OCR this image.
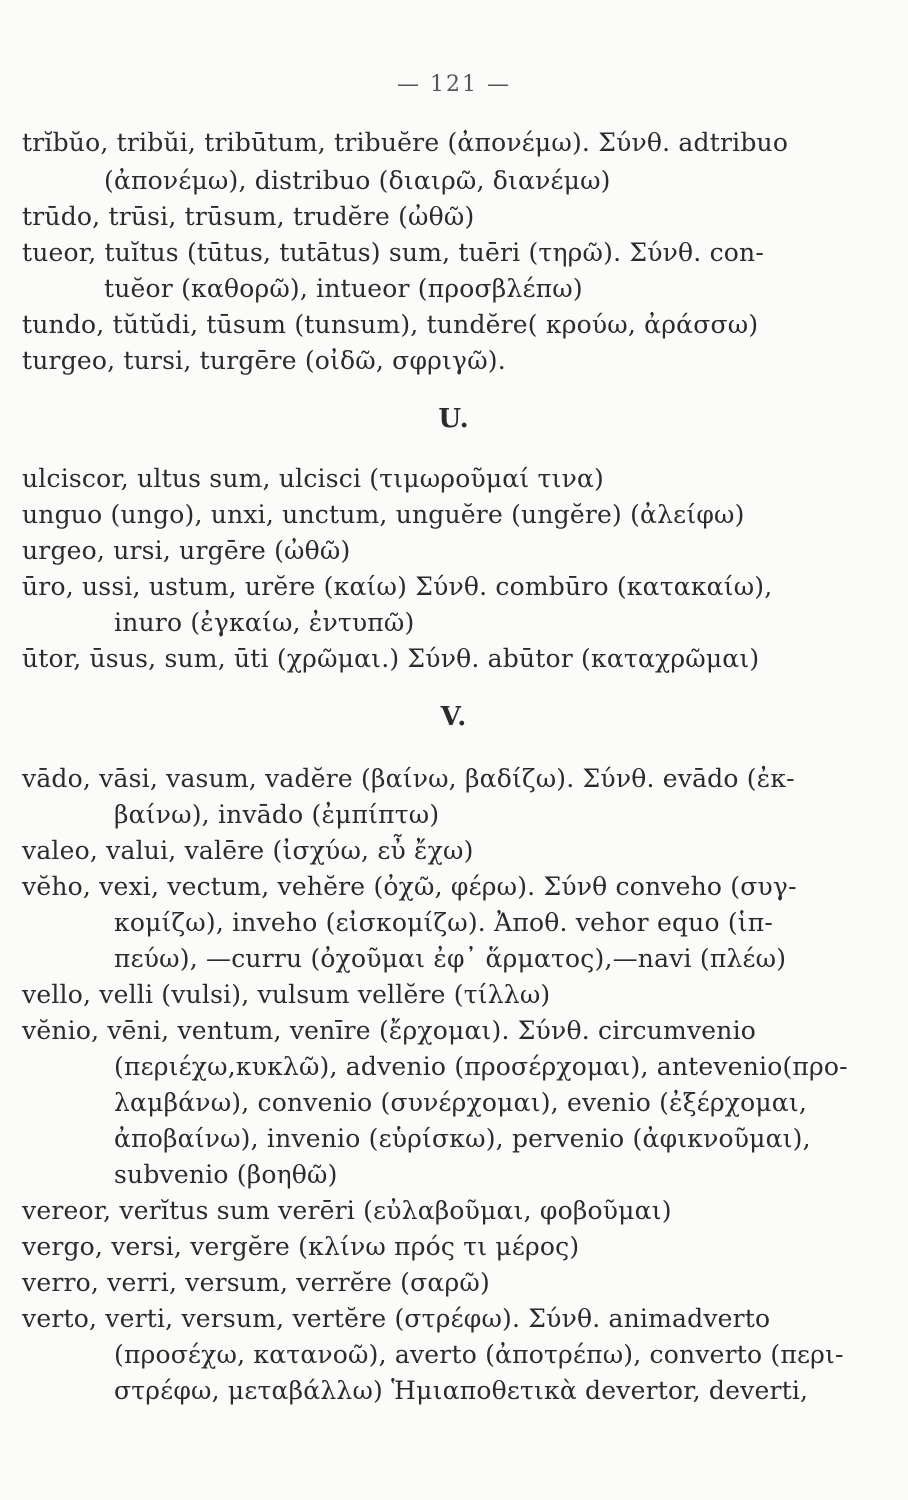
— 121 —
trĭbŭo, tribŭi, tribūtum, tribuĕre (ἀπονέμω). Σύνθ. adtribuo
(ἀπονέμω), distribuo (διαιρῶ, διανέμω)
trūdo, trūsi, trūsum, trudĕre (ὠθῶ)
tueor, tuĭtus (tūtus, tutātus) sum, tuēri (τηρῶ). Σύνθ. con-
tuĕor (καθορῶ), intueor (προσβλέπω)
tundo, tŭtŭdi, tūsum (tunsum), tundĕre( κρούω, ἀράσσω)
turgeo, tursi, turgēre (οἰδῶ, σφριγῶ).
U.
ulciscor, ultus sum, ulcisci (τιμωροῦμαί τινα)
unguo (ungo), unxi, unctum, unguĕre (ungĕre) (ἀλείφω)
urgeo, ursi, urgēre (ὠθῶ)
ūro, ussi, ustum, urĕre (καίω) Σύνθ. combūro (κατακαίω),
inuro (ἐγκαίω, ἐντυπῶ)
ūtor, ūsus, sum, ūti (χρῶμαι.) Σύνθ. abūtor (καταχρῶμαι)
V.
vādo, vāsi, vasum, vadĕre (βαίνω, βαδίζω). Σύνθ. evādo (ἐκ-
βαίνω), invādo (ἐμπίπτω)
valeo, valui, valēre (ἰσχύω, εὖ ἔχω)
vĕho, vexi, vectum, vehĕre (ὀχῶ, φέρω). Σύνθ conveho (συγ-
κομίζω), inveho (εἰσκομίζω). Ἀποθ. vehor equo (ἱπ-
πεύω), —curru (ὀχοῦμαι ἐφ᾽ ἅρματος),—navi (πλέω)
vello, velli (vulsi), vulsum vellĕre (τίλλω)
vĕnio, vēni, ventum, venīre (ἔρχομαι). Σύνθ. circumvenio
(περιέχω,κυκλῶ), advenio (προσέρχομαι), antevenio(προ-
λαμβάνω), convenio (συνέρχομαι), evenio (ἐξέρχομαι,
ἀποβαίνω), invenio (εὑρίσκω), pervenio (ἀφικνοῦμαι),
subvenio (βοηθῶ)
vereor, verĭtus sum verēri (εὐλαβοῦμαι, φοβοῦμαι)
vergo, versi, vergĕre (κλίνω πρός τι μέρος)
verro, verri, versum, verrĕre (σαρῶ)
verto, verti, versum, vertĕre (στρέφω). Σύνθ. animadverto
(προσέχω, κατανοῶ), averto (ἀποτρέπω), converto (περι-
στρέφω, μεταβάλλω) Ἡμιαποθετικὰ devertor, deverti,
